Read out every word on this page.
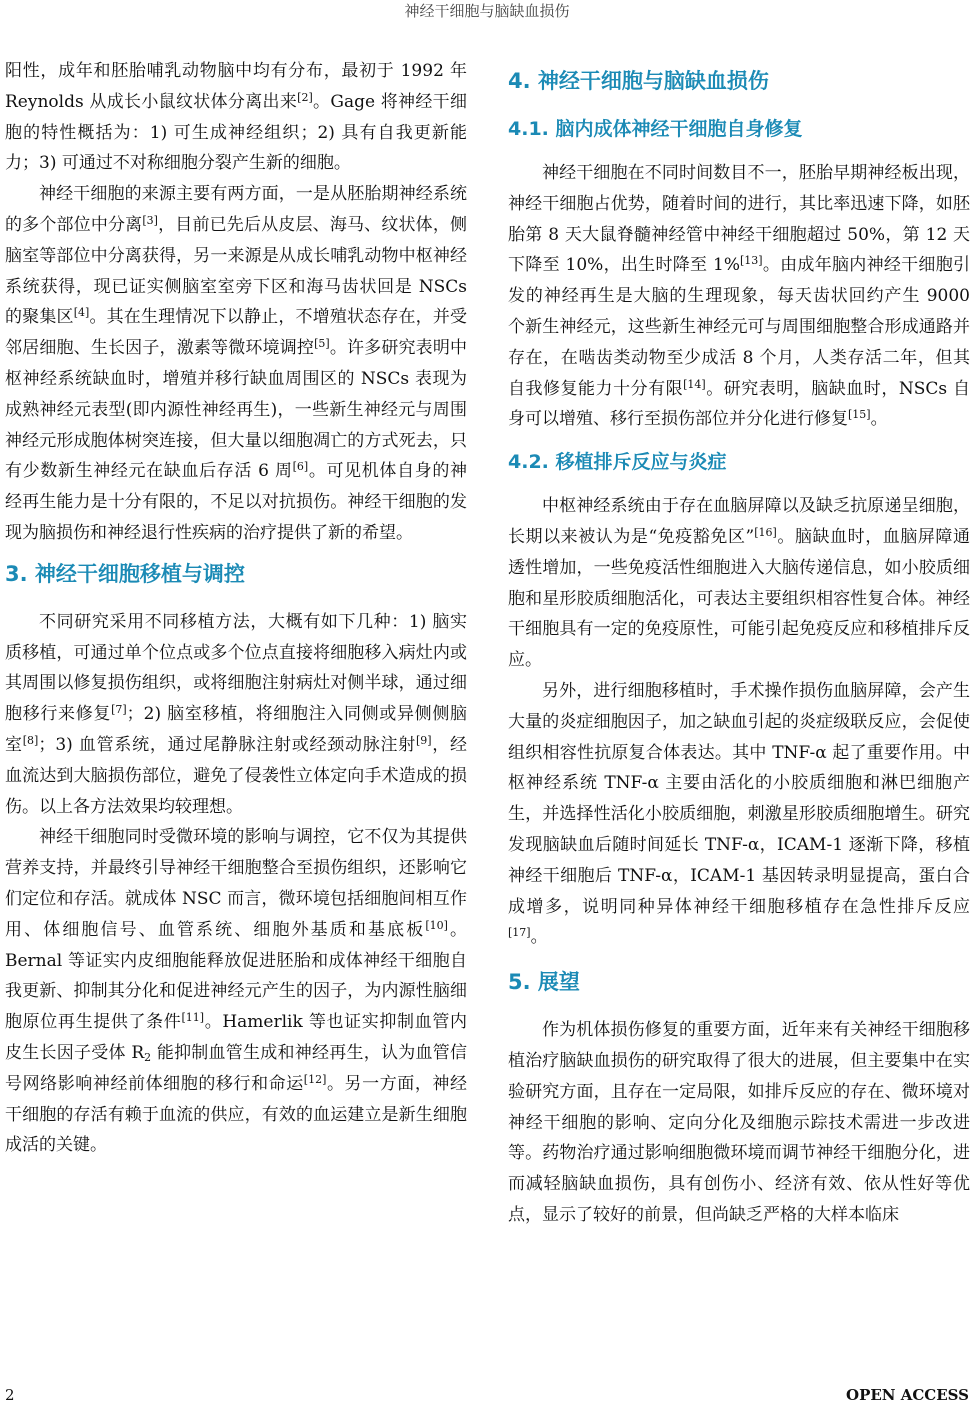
神经干细胞与脑缺血损伤

阳性，成年和胚胎哺乳动物脑中均有分布，最初于 1992 年 Reynolds 从成长小鼠纹状体分离出来[2]。Gage 将神经干细胞的特性概括为：1) 可生成神经组织；2) 具有自我更新能力；3) 可通过不对称细胞分裂产生新的细胞。

神经干细胞的来源主要有两方面，一是从胚胎期神经系统的多个部位中分离[3]，目前已先后从皮层、海马、纹状体，侧脑室等部位中分离获得，另一来源是从成长哺乳动物中枢神经系统获得，现已证实侧脑室室旁下区和海马齿状回是 NSCs 的聚集区[4]。其在生理情况下以静止，不增殖状态存在，并受邻居细胞、生长因子，激素等微环境调控[5]。许多研究表明中枢神经系统缺血时，增殖并移行缺血周围区的 NSCs 表现为成熟神经元表型(即内源性神经再生)，一些新生神经元与周围神经元形成胞体树突连接，但大量以细胞凋亡的方式死去，只有少数新生神经元在缺血后存活 6 周[6]。可见机体自身的神经再生能力是十分有限的，不足以对抗损伤。神经干细胞的发现为脑损伤和神经退行性疾病的治疗提供了新的希望。

3. 神经干细胞移植与调控

不同研究采用不同移植方法，大概有如下几种：1) 脑实质移植，可通过单个位点或多个位点直接将细胞移入病灶内或其周围以修复损伤组织，或将细胞注射病灶对侧半球，通过细胞移行来修复[7]；2) 脑室移植，将细胞注入同侧或异侧侧脑室[8]；3) 血管系统，通过尾静脉注射或经颈动脉注射[9]，经血流达到大脑损伤部位，避免了侵袭性立体定向手术造成的损伤。以上各方法效果均较理想。

神经干细胞同时受微环境的影响与调控，它不仅为其提供营养支持，并最终引导神经干细胞整合至损伤组织，还影响它们定位和存活。就成体 NSC 而言，微环境包括细胞间相互作用、体细胞信号、血管系统、细胞外基质和基底板[10]。Bernal 等证实内皮细胞能释放促进胚胎和成体神经干细胞自我更新、抑制其分化和促进神经元产生的因子，为内源性脑细胞原位再生提供了条件[11]。Hamerlik 等也证实抑制血管内皮生长因子受体 $R_2$ 能抑制血管生成和神经再生，认为血管信号网络影响神经前体细胞的移行和命运[12]。另一方面，神经干细胞的存活有赖于血流的供应，有效的血运建立是新生细胞成活的关键。

4. 神经干细胞与脑缺血损伤
4.1. 脑内成体神经干细胞自身修复

神经干细胞在不同时间数目不一，胚胎早期神经板出现，神经干细胞占优势，随着时间的进行，其比率迅速下降，如胚胎第 8 天大鼠脊髓神经管中神经干细胞超过 50%，第 12 天下降至 10%，出生时降至 1%[13]。由成年脑内神经干细胞引发的神经再生是大脑的生理现象，每天齿状回约产生 9000 个新生神经元，这些新生神经元可与周围细胞整合形成通路并存在，在啮齿类动物至少成活 8 个月，人类存活二年，但其自我修复能力十分有限[14]。研究表明，脑缺血时，NSCs 自身可以增殖、移行至损伤部位并分化进行修复[15]。

4.2. 移植排斥反应与炎症

中枢神经系统由于存在血脑屏障以及缺乏抗原递呈细胞，长期以来被认为是“免疫豁免区”[16]。脑缺血时，血脑屏障通透性增加，一些免疫活性细胞进入大脑传递信息，如小胶质细胞和星形胶质细胞活化，可表达主要组织相容性复合体。神经干细胞具有一定的免疫原性，可能引起免疫反应和移植排斥反应。

另外，进行细胞移植时，手术操作损伤血脑屏障，会产生大量的炎症细胞因子，加之缺血引起的炎症级联反应，会促使组织相容性抗原复合体表达。其中 TNF-α 起了重要作用。中枢神经系统 TNF-α 主要由活化的小胶质细胞和淋巴细胞产生，并选择性活化小胶质细胞，刺激星形胶质细胞增生。研究发现脑缺血后随时间延长 TNF-α，ICAM-1 逐渐下降，移植神经干细胞后 TNF-α，ICAM-1 基因转录明显提高，蛋白合成增多，说明同种异体神经干细胞移植存在急性排斥反应[17]。

5. 展望

作为机体损伤修复的重要方面，近年来有关神经干细胞移植治疗脑缺血损伤的研究取得了很大的进展，但主要集中在实验研究方面，且存在一定局限，如排斥反应的存在、微环境对神经干细胞的影响、定向分化及细胞示踪技术需进一步改进等。药物治疗通过影响细胞微环境而调节神经干细胞分化，进而减轻脑缺血损伤，具有创伤小、经济有效、依从性好等优点，显示了较好的前景，但尚缺乏严格的大样本临床

2	OPEN ACCESS
